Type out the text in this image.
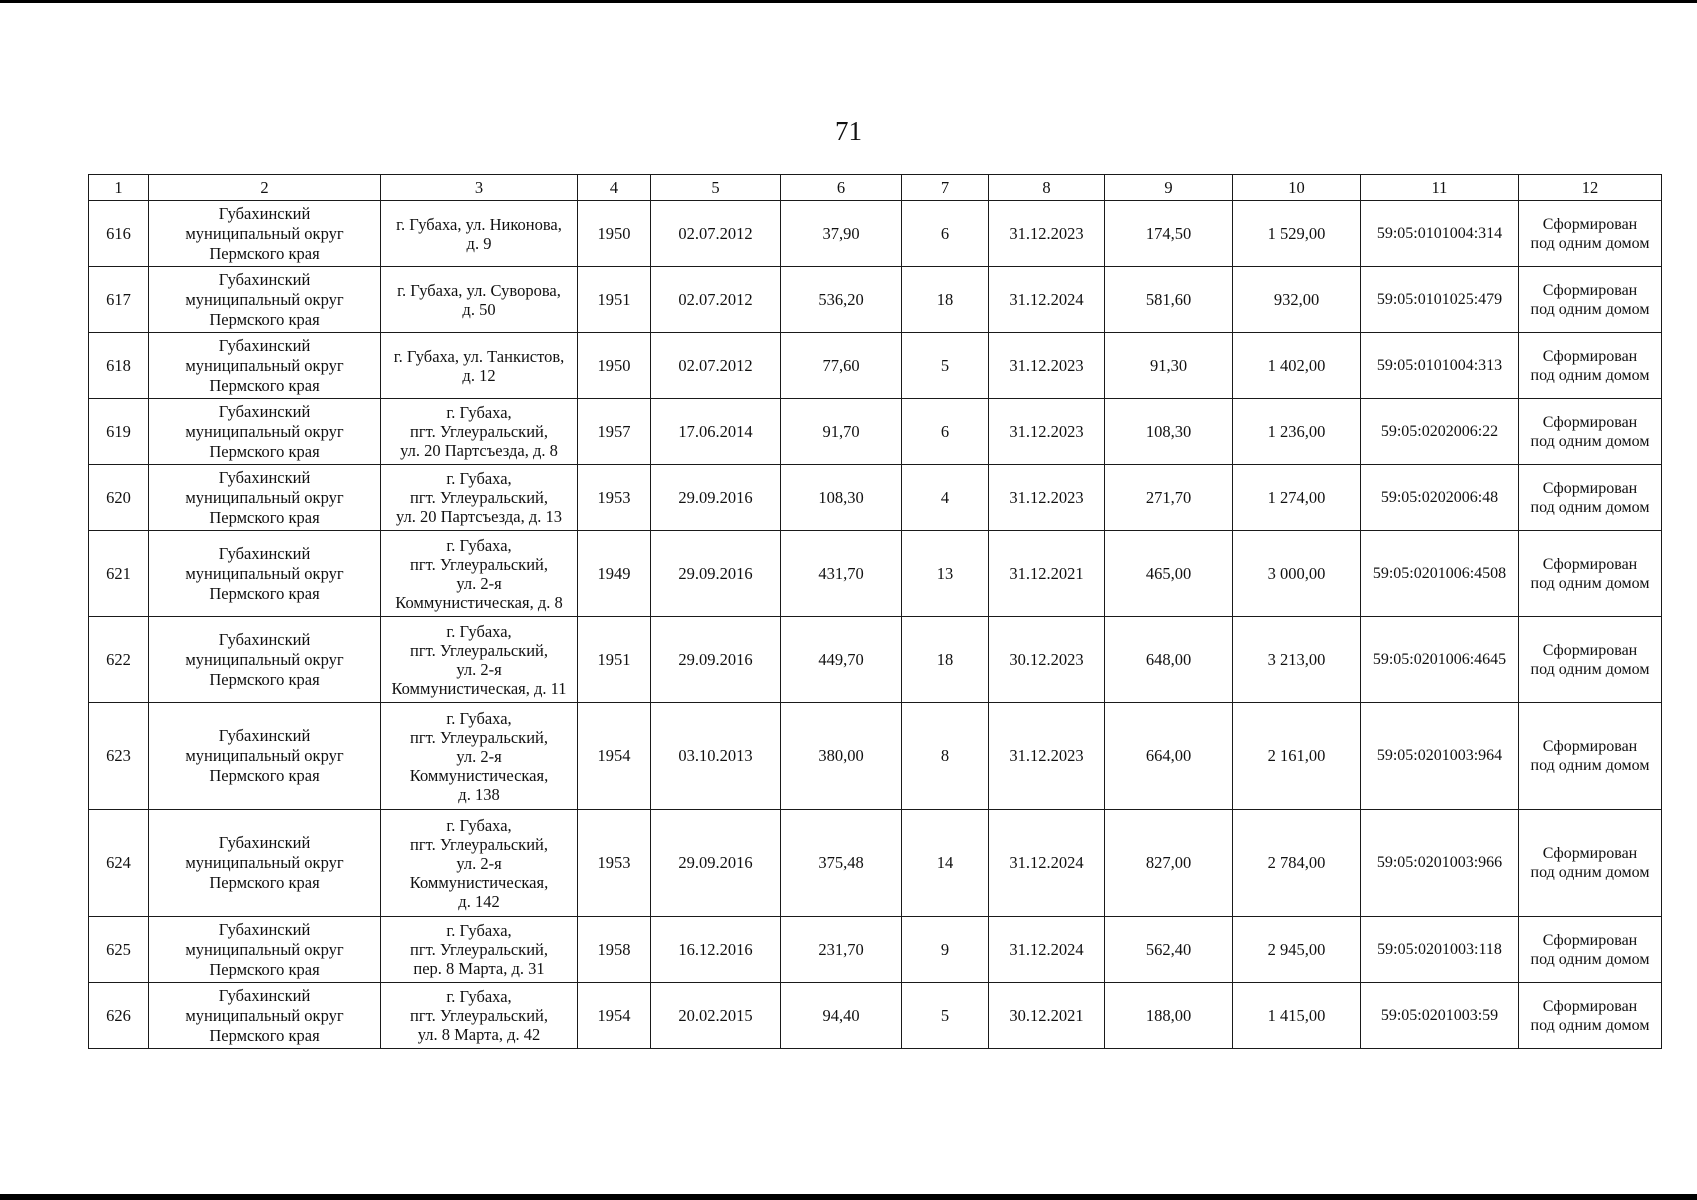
71
1	2	3	4	5	6	7	8	9	10	11	12
616	Губахинский
муниципальный округ
Пермского края	г. Губаха, ул. Никонова,
д. 9	1950	02.07.2012	37,90	6	31.12.2023	174,50	1 529,00	59:05:0101004:314	Сформирован
под одним домом

617	Губахинский
муниципальный округ
Пермского края	г. Губаха, ул. Суворова,
д. 50	1951	02.07.2012	536,20	18	31.12.2024	581,60	932,00	59:05:0101025:479	Сформирован
под одним домом

618	Губахинский
муниципальный округ
Пермского края	г. Губаха, ул. Танкистов,
д. 12	1950	02.07.2012	77,60	5	31.12.2023	91,30	1 402,00	59:05:0101004:313	Сформирован
под одним домом

619	Губахинский
муниципальный округ
Пермского края	г. Губаха,
пгт. Углеуральский,
ул. 20 Партсъезда, д. 8	1957	17.06.2014	91,70	6	31.12.2023	108,30	1 236,00	59:05:0202006:22	Сформирован
под одним домом

620	Губахинский
муниципальный округ
Пермского края	г. Губаха,
пгт. Углеуральский,
ул. 20 Партсъезда, д. 13	1953	29.09.2016	108,30	4	31.12.2023	271,70	1 274,00	59:05:0202006:48	Сформирован
под одним домом

621	Губахинский
муниципальный округ
Пермского края	г. Губаха,
пгт. Углеуральский,
ул. 2-я
Коммунистическая, д. 8	1949	29.09.2016	431,70	13	31.12.2021	465,00	3 000,00	59:05:0201006:4508	Сформирован
под одним домом

622	Губахинский
муниципальный округ
Пермского края	г. Губаха,
пгт. Углеуральский,
ул. 2-я
Коммунистическая, д. 11	1951	29.09.2016	449,70	18	30.12.2023	648,00	3 213,00	59:05:0201006:4645	Сформирован
под одним домом

623	Губахинский
муниципальный округ
Пермского края	г. Губаха,
пгт. Углеуральский,
ул. 2-я
Коммунистическая,
д. 138	1954	03.10.2013	380,00	8	31.12.2023	664,00	2 161,00	59:05:0201003:964	Сформирован
под одним домом

624	Губахинский
муниципальный округ
Пермского края	г. Губаха,
пгт. Углеуральский,
ул. 2-я
Коммунистическая,
д. 142	1953	29.09.2016	375,48	14	31.12.2024	827,00	2 784,00	59:05:0201003:966	Сформирован
под одним домом

625	Губахинский
муниципальный округ
Пермского края	г. Губаха,
пгт. Углеуральский,
пер. 8 Марта, д. 31	1958	16.12.2016	231,70	9	31.12.2024	562,40	2 945,00	59:05:0201003:118	Сформирован
под одним домом

626	Губахинский
муниципальный округ
Пермского края	г. Губаха,
пгт. Углеуральский,
ул. 8 Марта, д. 42	1954	20.02.2015	94,40	5	30.12.2021	188,00	1 415,00	59:05:0201003:59	Сформирован
под одним домом
